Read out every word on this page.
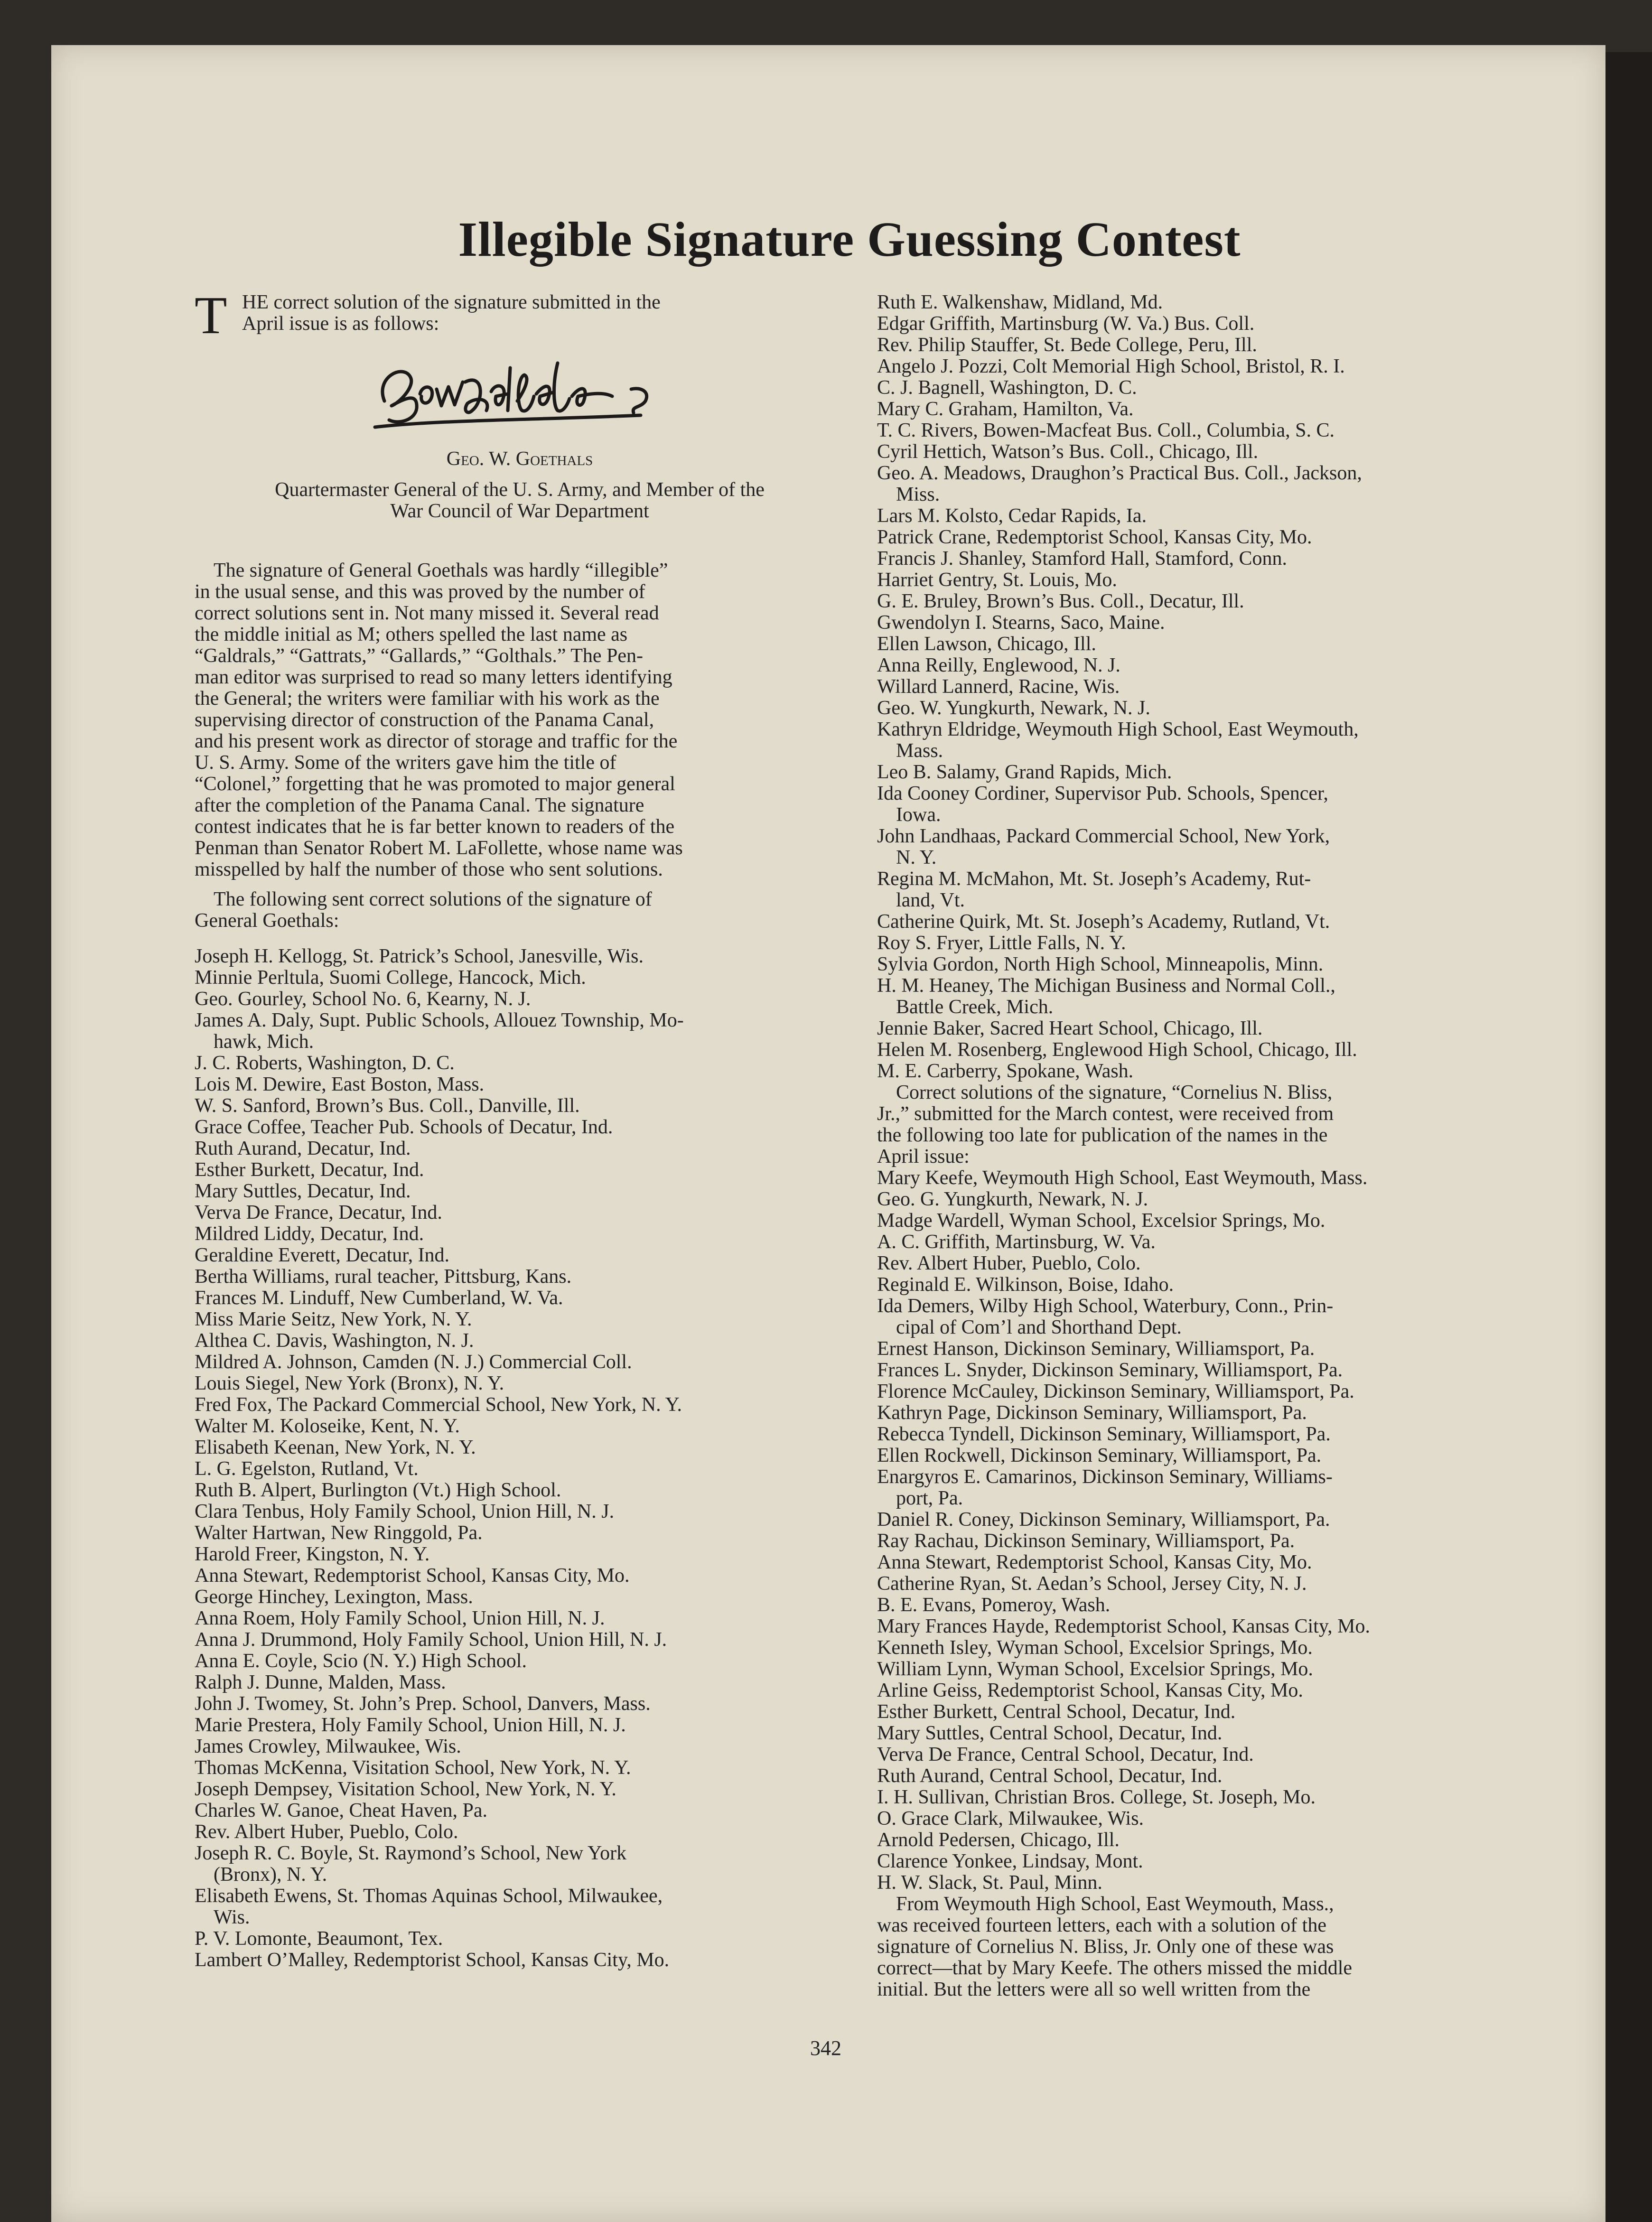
Illegible Signature Guessing Contest
T HE correct solution of the signature submitted in the
April issue is as follows:
Geo. W. Goethals
Quartermaster General of the U. S. Army, and Member of the
War Council of War Department
The signature of General Goethals was hardly “illegible”
in the usual sense, and this was proved by the number of
correct solutions sent in. Not many missed it. Several read
the middle initial as M; others spelled the last name as
“Galdrals,” “Gattrats,” “Gallards,” “Golthals.” The Pen-
man editor was surprised to read so many letters identifying
the General; the writers were familiar with his work as the
supervising director of construction of the Panama Canal,
and his present work as director of storage and traffic for the
U. S. Army. Some of the writers gave him the title of
“Colonel,” forgetting that he was promoted to major general
after the completion of the Panama Canal. The signature
contest indicates that he is far better known to readers of the
Penman than Senator Robert M. LaFollette, whose name was
misspelled by half the number of those who sent solutions.
The following sent correct solutions of the signature of
General Goethals:
Joseph H. Kellogg, St. Patrick’s School, Janesville, Wis.
Minnie Perltula, Suomi College, Hancock, Mich.
Geo. Gourley, School No. 6, Kearny, N. J.
James A. Daly, Supt. Public Schools, Allouez Township, Mo-
hawk, Mich.
J. C. Roberts, Washington, D. C.
Lois M. Dewire, East Boston, Mass.
W. S. Sanford, Brown’s Bus. Coll., Danville, Ill.
Grace Coffee, Teacher Pub. Schools of Decatur, Ind.
Ruth Aurand, Decatur, Ind.
Esther Burkett, Decatur, Ind.
Mary Suttles, Decatur, Ind.
Verva De France, Decatur, Ind.
Mildred Liddy, Decatur, Ind.
Geraldine Everett, Decatur, Ind.
Bertha Williams, rural teacher, Pittsburg, Kans.
Frances M. Linduff, New Cumberland, W. Va.
Miss Marie Seitz, New York, N. Y.
Althea C. Davis, Washington, N. J.
Mildred A. Johnson, Camden (N. J.) Commercial Coll.
Louis Siegel, New York (Bronx), N. Y.
Fred Fox, The Packard Commercial School, New York, N. Y.
Walter M. Koloseike, Kent, N. Y.
Elisabeth Keenan, New York, N. Y.
L. G. Egelston, Rutland, Vt.
Ruth B. Alpert, Burlington (Vt.) High School.
Clara Tenbus, Holy Family School, Union Hill, N. J.
Walter Hartwan, New Ringgold, Pa.
Harold Freer, Kingston, N. Y.
Anna Stewart, Redemptorist School, Kansas City, Mo.
George Hinchey, Lexington, Mass.
Anna Roem, Holy Family School, Union Hill, N. J.
Anna J. Drummond, Holy Family School, Union Hill, N. J.
Anna E. Coyle, Scio (N. Y.) High School.
Ralph J. Dunne, Malden, Mass.
John J. Twomey, St. John’s Prep. School, Danvers, Mass.
Marie Prestera, Holy Family School, Union Hill, N. J.
James Crowley, Milwaukee, Wis.
Thomas McKenna, Visitation School, New York, N. Y.
Joseph Dempsey, Visitation School, New York, N. Y.
Charles W. Ganoe, Cheat Haven, Pa.
Rev. Albert Huber, Pueblo, Colo.
Joseph R. C. Boyle, St. Raymond’s School, New York
(Bronx), N. Y.
Elisabeth Ewens, St. Thomas Aquinas School, Milwaukee,
Wis.
P. V. Lomonte, Beaumont, Tex.
Lambert O’Malley, Redemptorist School, Kansas City, Mo.
Ruth E. Walkenshaw, Midland, Md.
Edgar Griffith, Martinsburg (W. Va.) Bus. Coll.
Rev. Philip Stauffer, St. Bede College, Peru, Ill.
Angelo J. Pozzi, Colt Memorial High School, Bristol, R. I.
C. J. Bagnell, Washington, D. C.
Mary C. Graham, Hamilton, Va.
T. C. Rivers, Bowen-Macfeat Bus. Coll., Columbia, S. C.
Cyril Hettich, Watson’s Bus. Coll., Chicago, Ill.
Geo. A. Meadows, Draughon’s Practical Bus. Coll., Jackson,
Miss.
Lars M. Kolsto, Cedar Rapids, Ia.
Patrick Crane, Redemptorist School, Kansas City, Mo.
Francis J. Shanley, Stamford Hall, Stamford, Conn.
Harriet Gentry, St. Louis, Mo.
G. E. Bruley, Brown’s Bus. Coll., Decatur, Ill.
Gwendolyn I. Stearns, Saco, Maine.
Ellen Lawson, Chicago, Ill.
Anna Reilly, Englewood, N. J.
Willard Lannerd, Racine, Wis.
Geo. W. Yungkurth, Newark, N. J.
Kathryn Eldridge, Weymouth High School, East Weymouth,
Mass.
Leo B. Salamy, Grand Rapids, Mich.
Ida Cooney Cordiner, Supervisor Pub. Schools, Spencer,
Iowa.
John Landhaas, Packard Commercial School, New York,
N. Y.
Regina M. McMahon, Mt. St. Joseph’s Academy, Rut-
land, Vt.
Catherine Quirk, Mt. St. Joseph’s Academy, Rutland, Vt.
Roy S. Fryer, Little Falls, N. Y.
Sylvia Gordon, North High School, Minneapolis, Minn.
H. M. Heaney, The Michigan Business and Normal Coll.,
Battle Creek, Mich.
Jennie Baker, Sacred Heart School, Chicago, Ill.
Helen M. Rosenberg, Englewood High School, Chicago, Ill.
M. E. Carberry, Spokane, Wash.
Correct solutions of the signature, “Cornelius N. Bliss,
Jr.,” submitted for the March contest, were received from
the following too late for publication of the names in the
April issue:
Mary Keefe, Weymouth High School, East Weymouth, Mass.
Geo. G. Yungkurth, Newark, N. J.
Madge Wardell, Wyman School, Excelsior Springs, Mo.
A. C. Griffith, Martinsburg, W. Va.
Rev. Albert Huber, Pueblo, Colo.
Reginald E. Wilkinson, Boise, Idaho.
Ida Demers, Wilby High School, Waterbury, Conn., Prin-
cipal of Com’l and Shorthand Dept.
Ernest Hanson, Dickinson Seminary, Williamsport, Pa.
Frances L. Snyder, Dickinson Seminary, Williamsport, Pa.
Florence McCauley, Dickinson Seminary, Williamsport, Pa.
Kathryn Page, Dickinson Seminary, Williamsport, Pa.
Rebecca Tyndell, Dickinson Seminary, Williamsport, Pa.
Ellen Rockwell, Dickinson Seminary, Williamsport, Pa.
Enargyros E. Camarinos, Dickinson Seminary, Williams-
port, Pa.
Daniel R. Coney, Dickinson Seminary, Williamsport, Pa.
Ray Rachau, Dickinson Seminary, Williamsport, Pa.
Anna Stewart, Redemptorist School, Kansas City, Mo.
Catherine Ryan, St. Aedan’s School, Jersey City, N. J.
B. E. Evans, Pomeroy, Wash.
Mary Frances Hayde, Redemptorist School, Kansas City, Mo.
Kenneth Isley, Wyman School, Excelsior Springs, Mo.
William Lynn, Wyman School, Excelsior Springs, Mo.
Arline Geiss, Redemptorist School, Kansas City, Mo.
Esther Burkett, Central School, Decatur, Ind.
Mary Suttles, Central School, Decatur, Ind.
Verva De France, Central School, Decatur, Ind.
Ruth Aurand, Central School, Decatur, Ind.
I. H. Sullivan, Christian Bros. College, St. Joseph, Mo.
O. Grace Clark, Milwaukee, Wis.
Arnold Pedersen, Chicago, Ill.
Clarence Yonkee, Lindsay, Mont.
H. W. Slack, St. Paul, Minn.
From Weymouth High School, East Weymouth, Mass.,
was received fourteen letters, each with a solution of the
signature of Cornelius N. Bliss, Jr. Only one of these was
correct—that by Mary Keefe. The others missed the middle
initial. But the letters were all so well written from the
342
